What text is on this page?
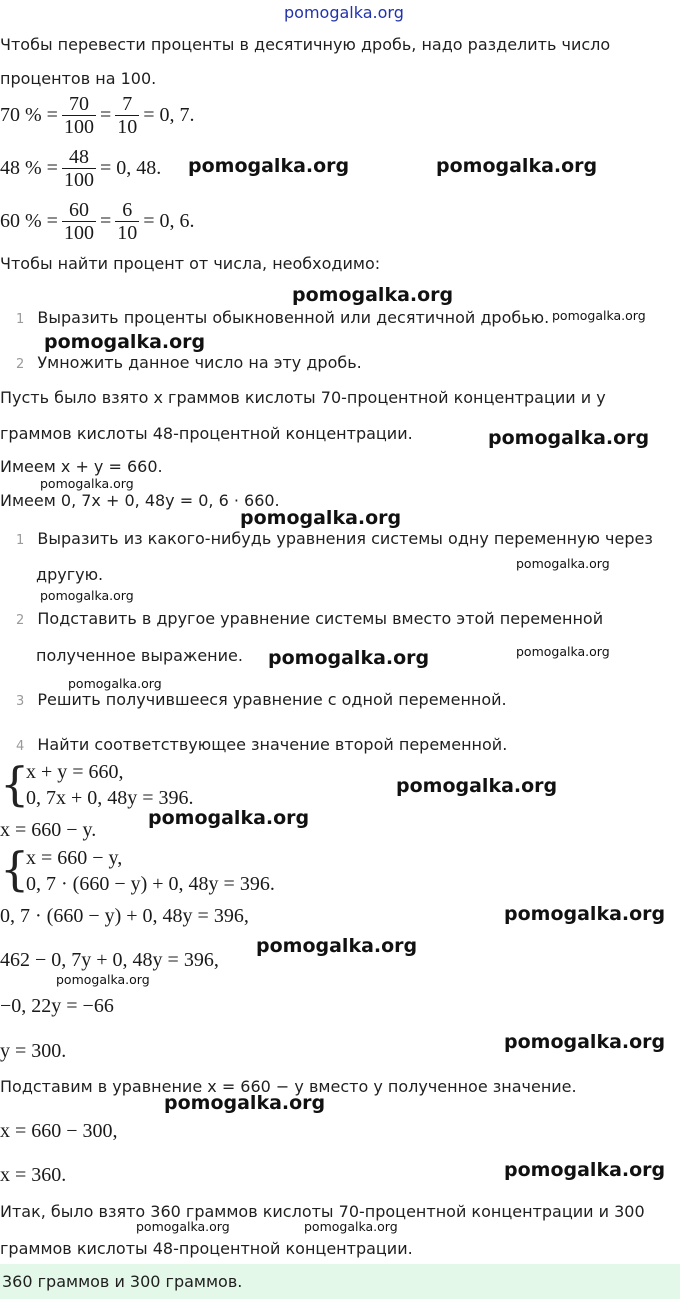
pomogalka.org
Чтобы перевести проценты в десятичную дробь, надо разделить число
процентов на 100.
70 % = $\frac{70}{100} = \frac{7}{10} = 0$, 7.
48 % = $\frac{48}{100} = 0$, 48.
60 % = $\frac{60}{100} = \frac{6}{10} = 0$, 6.
Чтобы найти процент от числа, необходимо:
1 Выразить проценты обыкновенной или десятичной дробью.
2 Умножить данное число на эту дробь.
Пусть было взято x граммов кислоты 70-процентной концентрации и y
граммов кислоты 48-процентной концентрации.
Имеем x + y = 660.
Имеем 0, 7x + 0, 48y = 0, 6 · 660.
1 Выразить из какого-нибудь уравнения системы одну переменную через
другую.
2 Подставить в другое уравнение системы вместо этой переменной
полученное выражение.
3 Решить получившееся уравнение с одной переменной.
4 Найти соответствующее значение второй переменной.
{
x + y = 660,
0, 7x + 0, 48y = 396.
x = 660 − y.
{
x = 660 − y,
0, 7 · (660 − y) + 0, 48y = 396.
0, 7 · (660 − y) + 0, 48y = 396,
462 − 0, 7y + 0, 48y = 396,
−0, 22y = −66
y = 300.
Подставим в уравнение x = 660 − y вместо y полученное значение.
x = 660 − 300,
x = 360.
Итак, было взято 360 граммов кислоты 70-процентной концентрации и 300
граммов кислоты 48-процентной концентрации.
360 граммов и 300 граммов.
pomogalka.org	pomogalka.org
pomogalka.org
pomogalka.org
pomogalka.org
pomogalka.org
pomogalka.org
pomogalka.org
pomogalka.org
pomogalka.org
pomogalka.org
pomogalka.org
pomogalka.org
pomogalka.org
pomogalka.org
pomogalka.org
pomogalka.org
pomogalka.org
pomogalka.org
pomogalka.org
pomogalka.org
pomogalka.org	pomogalka.org
